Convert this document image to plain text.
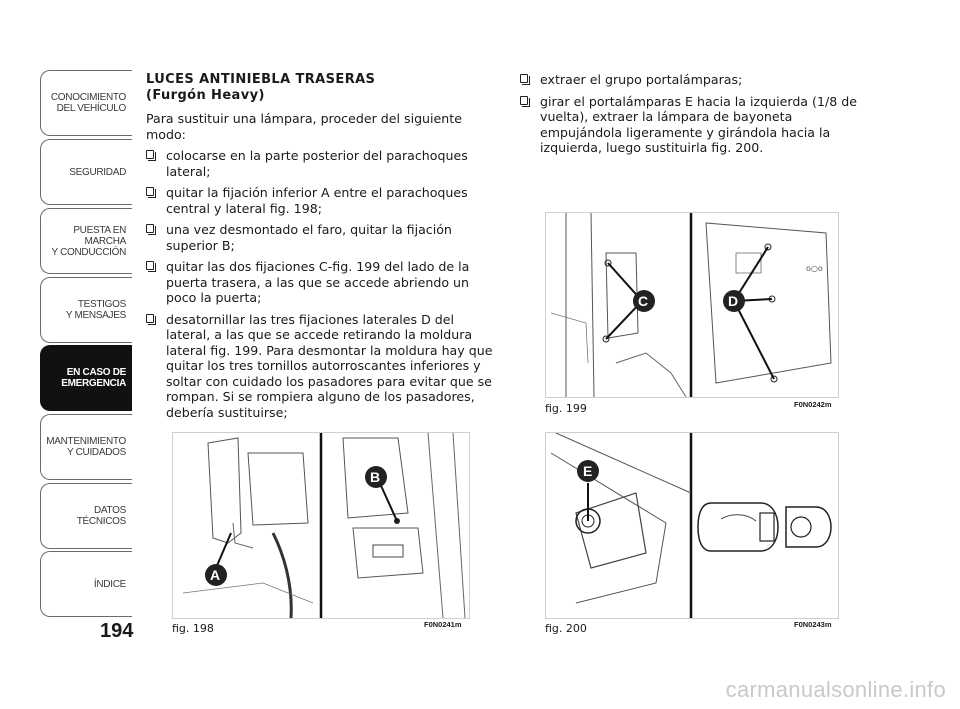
CONOCIMIENTO
DEL VEHÍCULO
SEGURIDAD
PUESTA EN
MARCHA
Y CONDUCCIÓN
TESTIGOS
Y MENSAJES
EN CASO DE
EMERGENCIA
MANTENIMIENTO
Y CUIDADOS
DATOS
TÉCNICOS
ÍNDICE
194
LUCES ANTINIEBLA TRASERAS
(Furgón Heavy)
Para sustituir una lámpara, proceder del siguiente modo:
colocarse en la parte posterior del parachoques lateral;
quitar la fijación inferior A entre el parachoques central y lateral fig. 198;
una vez desmontado el faro, quitar la fijación superior B;
quitar las dos fijaciones C-fig. 199 del lado de la puerta trasera, a las que se accede abriendo un poco la puerta;
desatornillar las tres fijaciones laterales D del lateral, a las que se accede retirando la moldura lateral fig. 199. Para desmontar la moldura hay que quitar los tres tornillos autorroscantes inferiores y soltar con cuidado los pasadores para evitar que se rompan. Si se rompiera alguno de los pasadores, debería sustituirse;
extraer el grupo portalámparas;
girar el portalámparas E hacia la izquierda (1/8 de vuelta), extraer la lámpara de bayoneta empujándola ligeramente y girándola hacia la izquierda, luego sustituirla fig. 200.
o○o
C	D
fig. 199	F0N0242m
A
B
fig. 198	F0N0241m
E
fig. 200	F0N0243m
carmanualsonline.info
